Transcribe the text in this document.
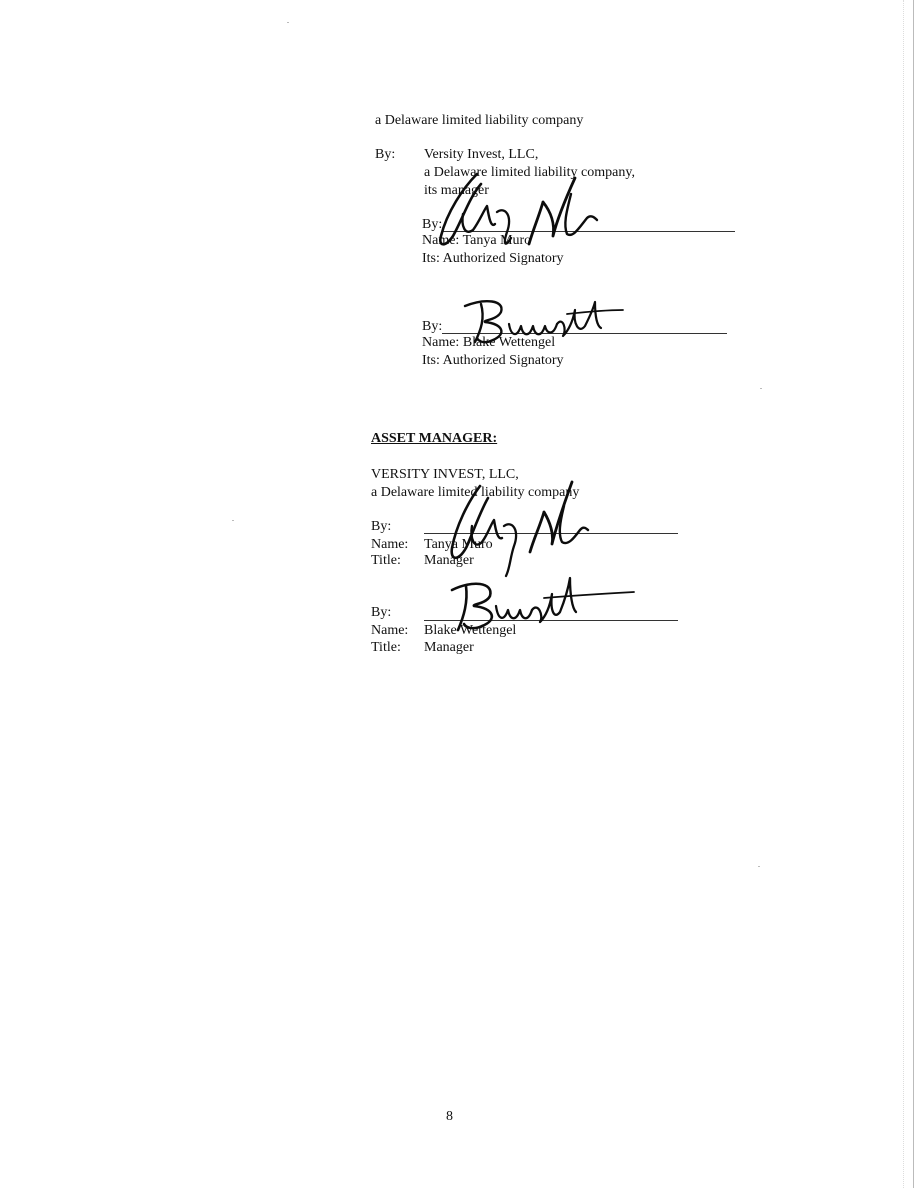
a Delaware limited liability company
By: Versity Invest, LLC,
a Delaware limited liability company,
its manager
By:
Name: Tanya Muro
Its: Authorized Signatory
By:
Name: Blake Wettengel
Its: Authorized Signatory
ASSET MANAGER:
VERSITY INVEST, LLC,
a Delaware limited liability company
By:
Name: Tanya Muro
Title: Manager
By:
Name: Blake Wettengel
Title: Manager
8
